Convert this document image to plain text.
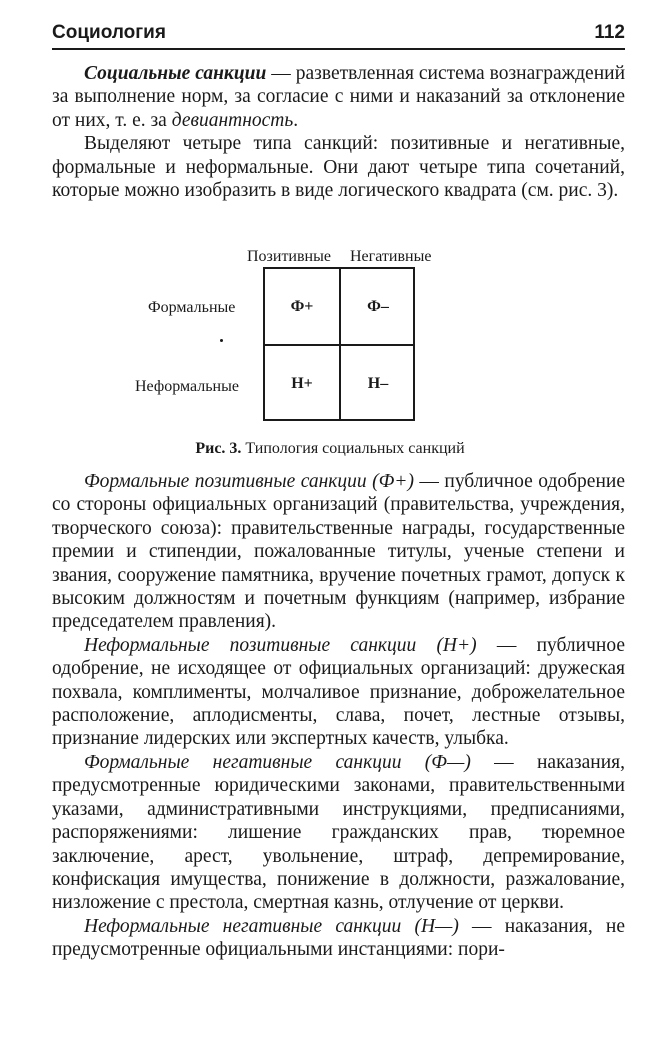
Социология	112

Социальные санкции — разветвленная система вознаграждений за выполнение норм, за согласие с ними и наказаний за отклонение от них, т. е. за девиантность.

Выделяют четыре типа санкций: позитивные и негативные, формальные и неформальные. Они дают четыре типа сочетаний, которые можно изобразить в виде логического квадрата (см. рис. 3).

Позитивные Негативные
Формальные
Неформальные
Ф+	Ф–
Н+	Н–
Рис. 3. Типология социальных санкций

Формальные позитивные санкции (Ф+) — публичное одобрение со стороны официальных организаций (правительства, учреждения, творческого союза): правительственные награды, государственные премии и стипендии, пожалованные титулы, ученые степени и звания, сооружение памятника, вручение почетных грамот, допуск к высоким должностям и почетным функциям (например, избрание председателем правления).

Неформальные позитивные санкции (Н+) — публичное одобрение, не исходящее от официальных организаций: дружеская похвала, комплименты, молчаливое признание, доброжелательное расположение, аплодисменты, слава, почет, лестные отзывы, признание лидерских или экспертных качеств, улыбка.

Формальные негативные санкции (Ф—) — наказания, предусмотренные юридическими законами, правительственными указами, административными инструкциями, предписаниями, распоряжениями: лишение гражданских прав, тюремное заключение, арест, увольнение, штраф, депремирование, конфискация имущества, понижение в должности, разжалование, низложение с престола, смертная казнь, отлучение от церкви.

Неформальные негативные санкции (Н—) — наказания, не предусмотренные официальными инстанциями: пори-
